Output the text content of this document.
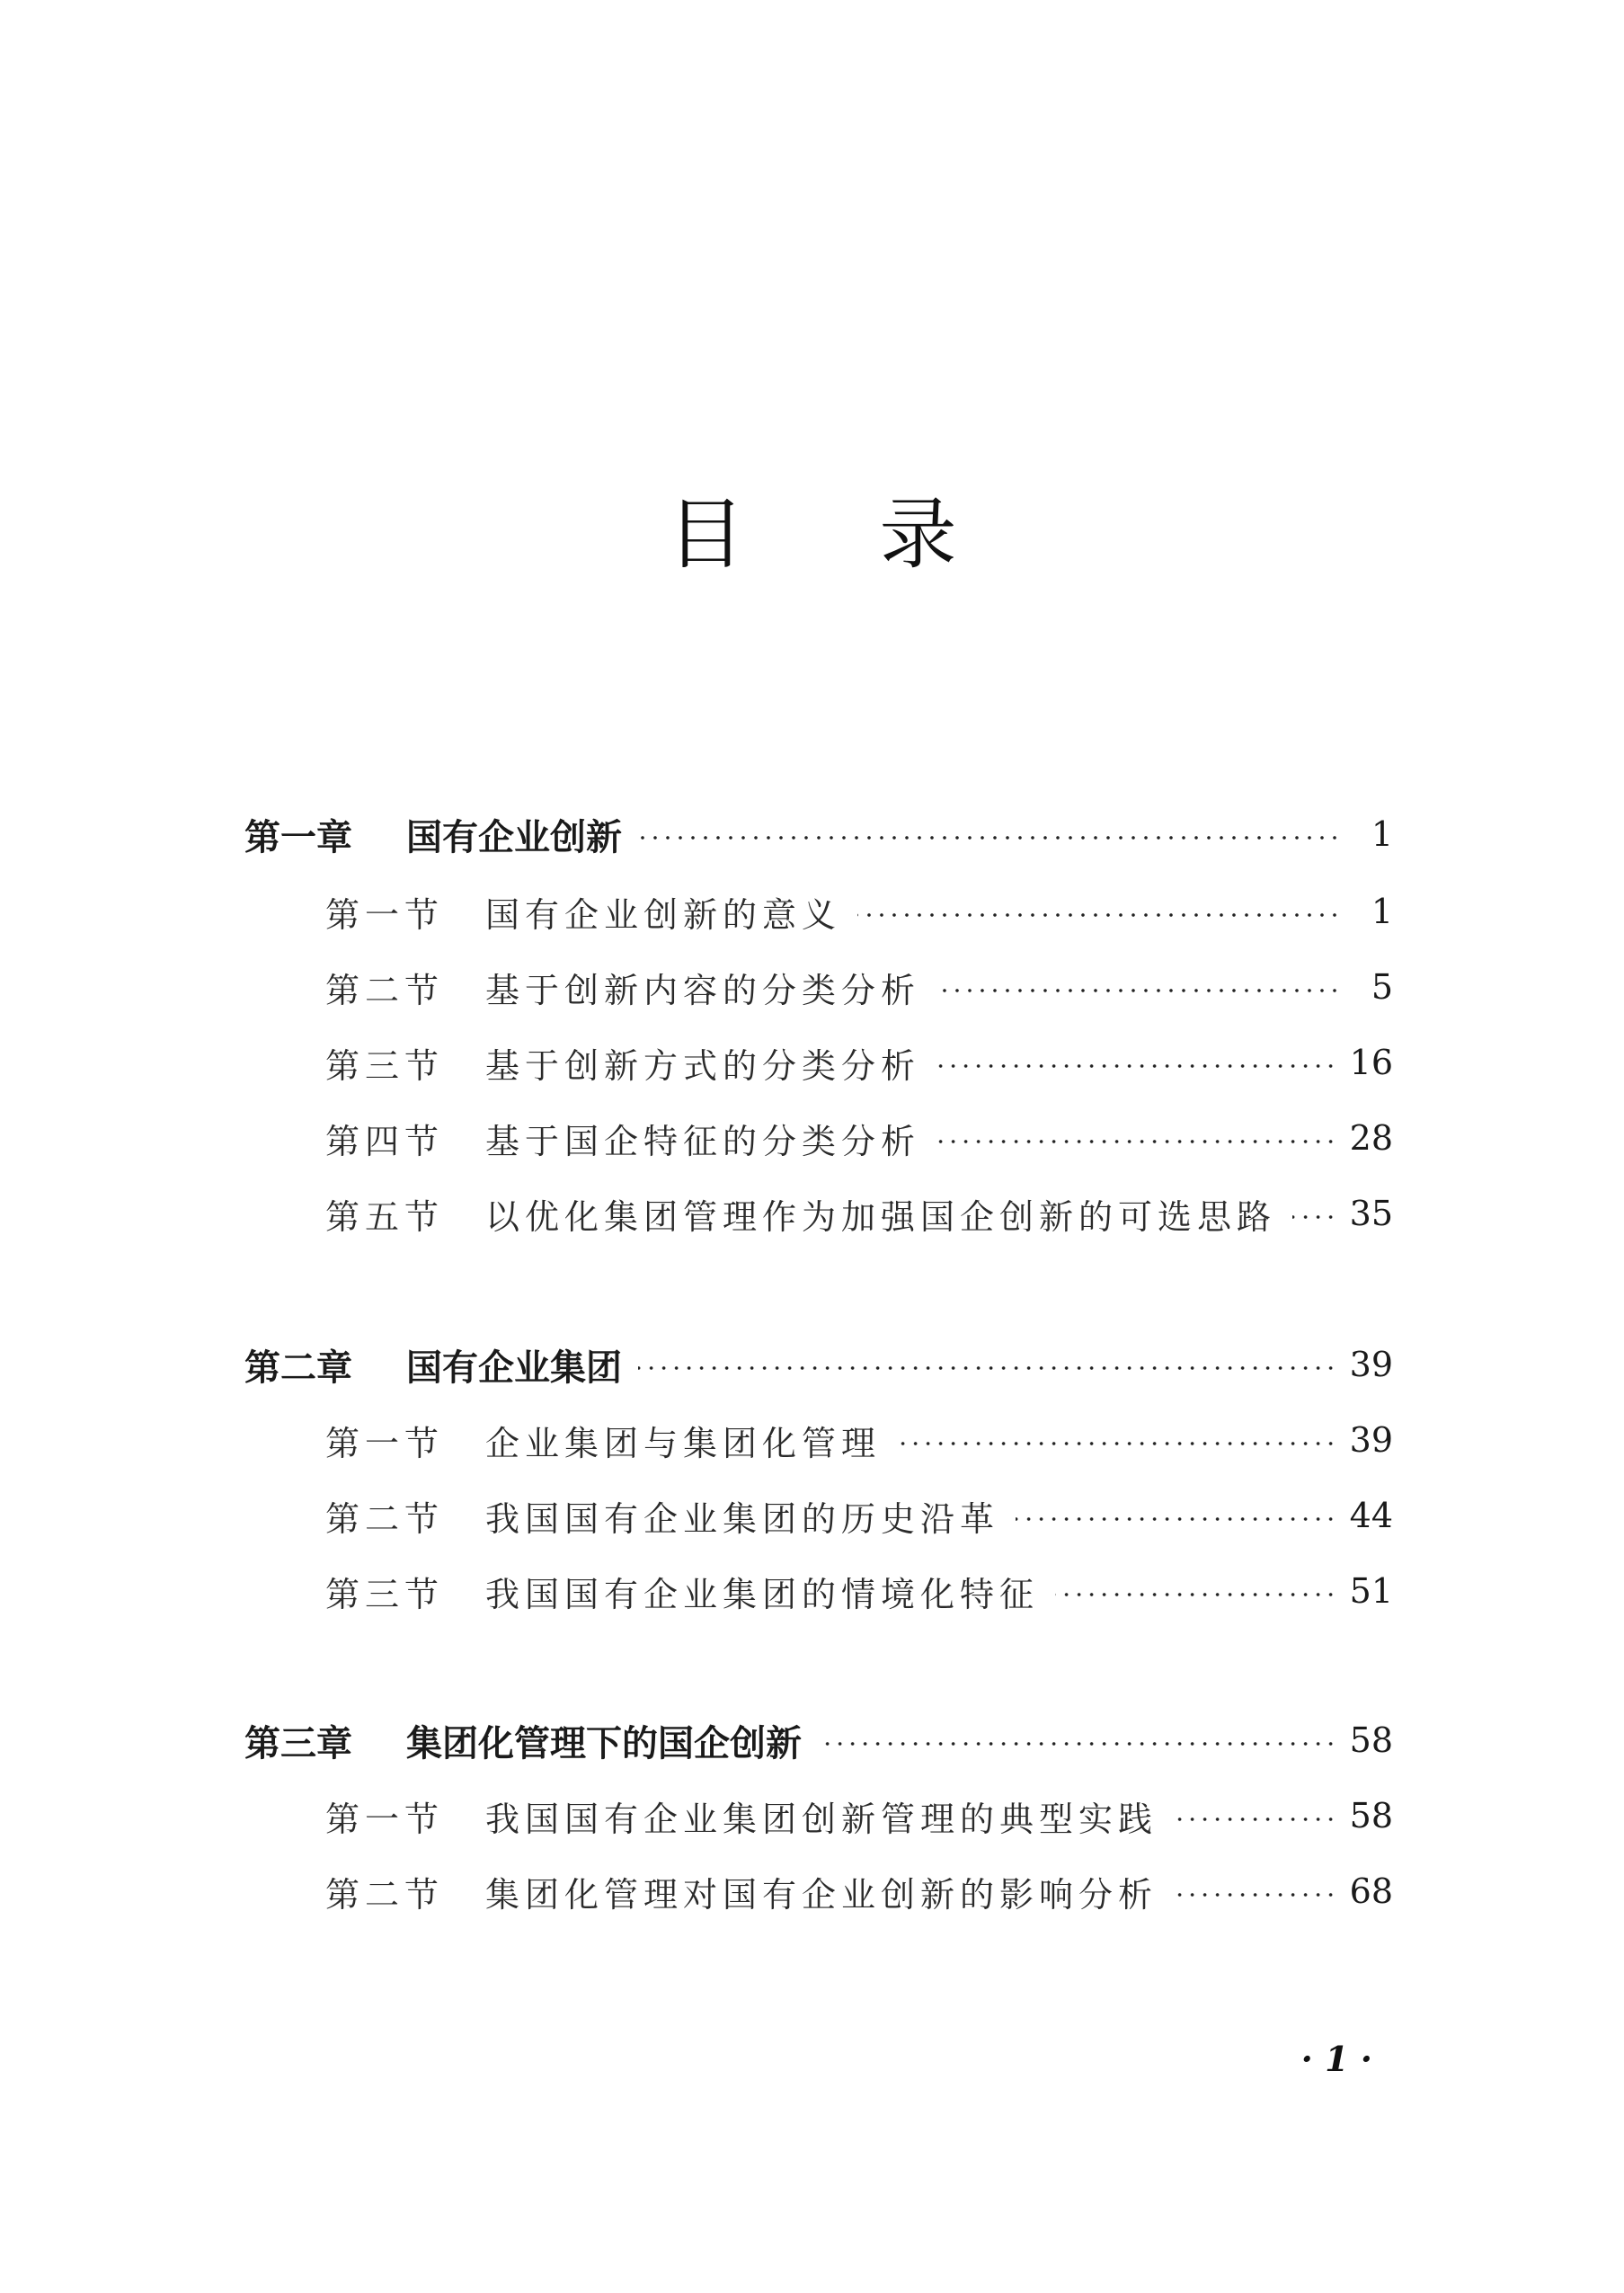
目 录
第一章	国有企业创新	1
第一节	国有企业创新的意义	1
第二节	基于创新内容的分类分析	5
第三节	基于创新方式的分类分析	16
第四节	基于国企特征的分类分析	28
第五节	以优化集团管理作为加强国企创新的可选思路 35
第二章	国有企业集团	39
第一节	企业集团与集团化管理	39
第二节	我国国有企业集团的历史沿革	44
第三节	我国国有企业集团的情境化特征	51
第三章	集团化管理下的国企创新	58
第一节	我国国有企业集团创新管理的典型实践	58
第二节	集团化管理对国有企业创新的影响分析	68
· 1 ·
